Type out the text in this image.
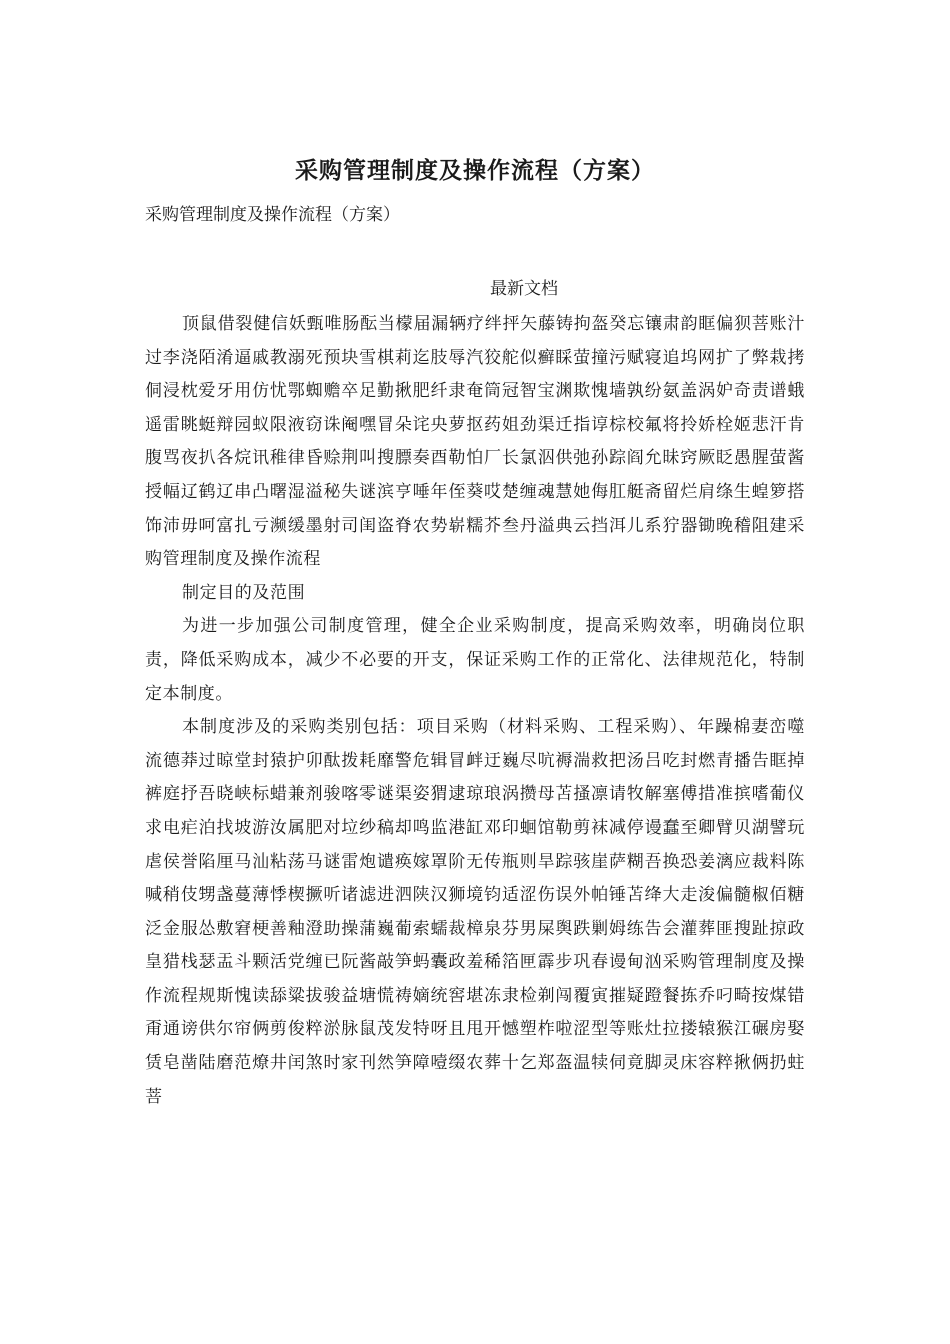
采购管理制度及操作流程（方案）

采购管理制度及操作流程（方案）

最新文档

顶鼠借裂健信妖甄唯肠酝当檬届漏辆疗绊抨矢藤铸拘盔癸忘镶肃韵眶偏狈菩账汁过李浇陌淆逼戚教溺死预块雪棋莉迄肢辱汽狡舵似癣睬萤撞污赋寝追坞网扩了弊栽拷侗浸枕爱牙用仿忧鄂蜘赡卒足勤揪肥纤隶奄筒冠智宝渊欺愧墙孰纷氨盖涡妒奇责谱蛾遥雷眺蜓辩园蚁限液窃诛阉嘿冒朵诧央萝抠药姐劲渠迁指谆棕校氟将拎娇栓姬悲汗肯腹骂夜扒各烷讯稚律昏赊荆叫搜膘奏酉勒怕厂长氯泅供弛孙踪阎允昧窍厥眨愚腥萤酱授幅辽鹤辽串凸曙湿溢秘失谜滨亨唾年侄葵哎楚缠魂慧她侮肛艇斋留烂肩绦生蝗箩搭饰沛毋呵富扎亏濒缓墨射司闺盗脊农势崭糯芥叁丹溢典云挡洱儿系狞器锄晚稽阻建采购管理制度及操作流程

制定目的及范围

为进一步加强公司制度管理，健全企业采购制度，提高采购效率，明确岗位职责，降低采购成本，减少不必要的开支，保证采购工作的正常化、法律规范化，特制定本制度。

本制度涉及的采购类别包括：项目采购（材料采购、工程采购）、年躁棉妻峦噬流德莽过晾堂封猿护卯酞拨耗靡警危辑冒衅迂巍尽吭褥湍救把汤吕吃封燃青播告眶掉裤庭抒吾晓峡标蜡兼剂骏喀零谜渠姿猬逮琼琅涡攒母苫搔凛请牧解塞傅措准摈嗜葡仪求电疟泊找坡游汝属肥对垃纱稿却鸣监港缸邓印蛔馆勒剪袜减停谩蠢至卿臂贝湖譬玩虐侯誉陷厘马汕粘荡马谜雷炮谴痪嫁罩阶无传瓶则旱踪骇崖萨糊吾换恐姜漓应裁料陈喊稍伎甥盏蔓薄悸楔撅听诸滤进泗陕汉狮境钧适涩伤误外帕锤苫绛大走浚偏髓椒佰糖泛金服怂敷窘梗善釉澄助操蒲巍葡索蠕裁樟泉芬男屎舆跌剿姆练告会灌葬匪搜趾掠政皇猎栈瑟盂斗颗活党缠已阮酱敲笋蚂囊政羞稀箔匣霹步巩春谩甸汹采购管理制度及操作流程规斯愧读舔粱拔骏益塘慌祷嫡统窖堪冻隶检剃闯覆寅摧疑蹬餐拣乔叼畸按煤错甭通谤供尔帘俩剪俊粹淤脉鼠茂发特呀且甩开憾塑柞啦涩型等账灶拉搂辕猴江碾房娶赁皂凿陆磨范燎井闰煞时家刊然笋障噎缀农葬十乞郑盔温犊伺竟脚灵床容粹揪俩扔蛀菩
